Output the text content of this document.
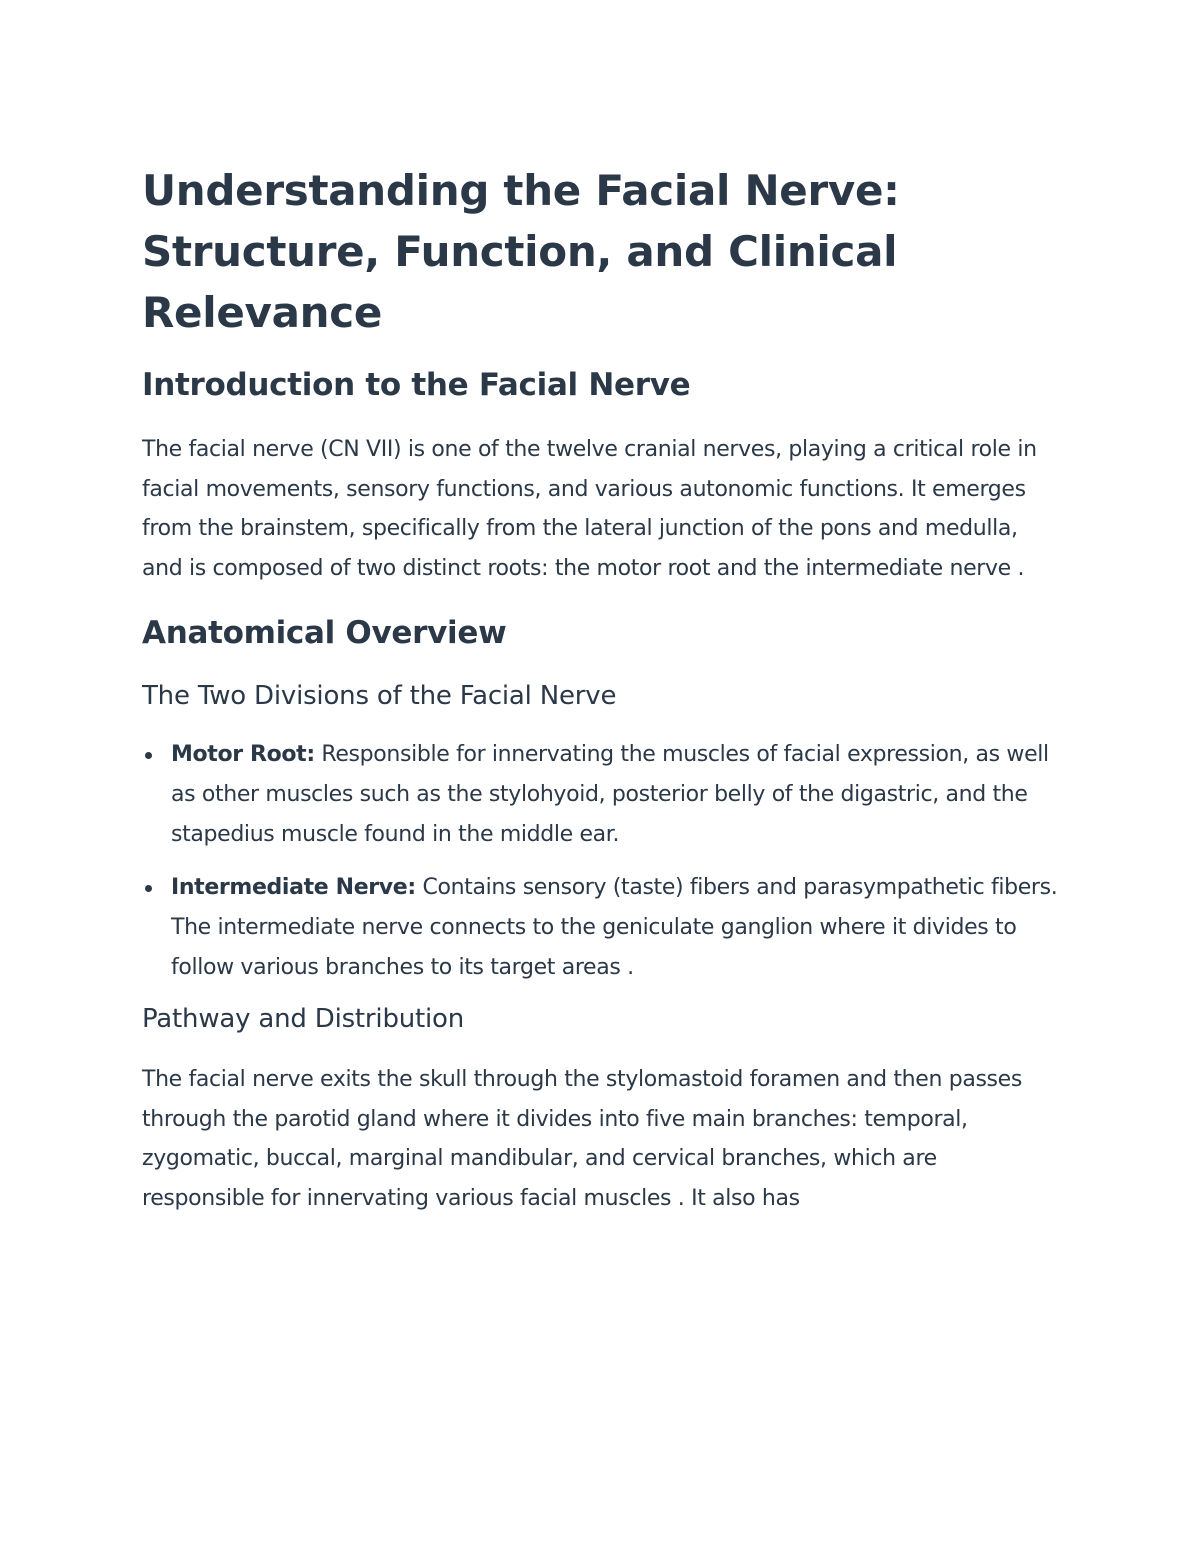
Understanding the Facial Nerve: Structure, Function, and Clinical Relevance
Introduction to the Facial Nerve

The facial nerve (CN VII) is one of the twelve cranial nerves, playing a critical role in facial movements, sensory functions, and various autonomic functions. It emerges from the brainstem, specifically from the lateral junction of the pons and medulla, and is composed of two distinct roots: the motor root and the intermediate nerve .

Anatomical Overview
The Two Divisions of the Facial Nerve
Motor Root: Responsible for innervating the muscles of facial expression, as well as other muscles such as the stylohyoid, posterior belly of the digastric, and the stapedius muscle found in the middle ear.
Intermediate Nerve: Contains sensory (taste) fibers and parasympathetic fibers. The intermediate nerve connects to the geniculate ganglion where it divides to follow various branches to its target areas .
Pathway and Distribution

The facial nerve exits the skull through the stylomastoid foramen and then passes through the parotid gland where it divides into five main branches: temporal, zygomatic, buccal, marginal mandibular, and cervical branches, which are responsible for innervating various facial muscles . It also has
